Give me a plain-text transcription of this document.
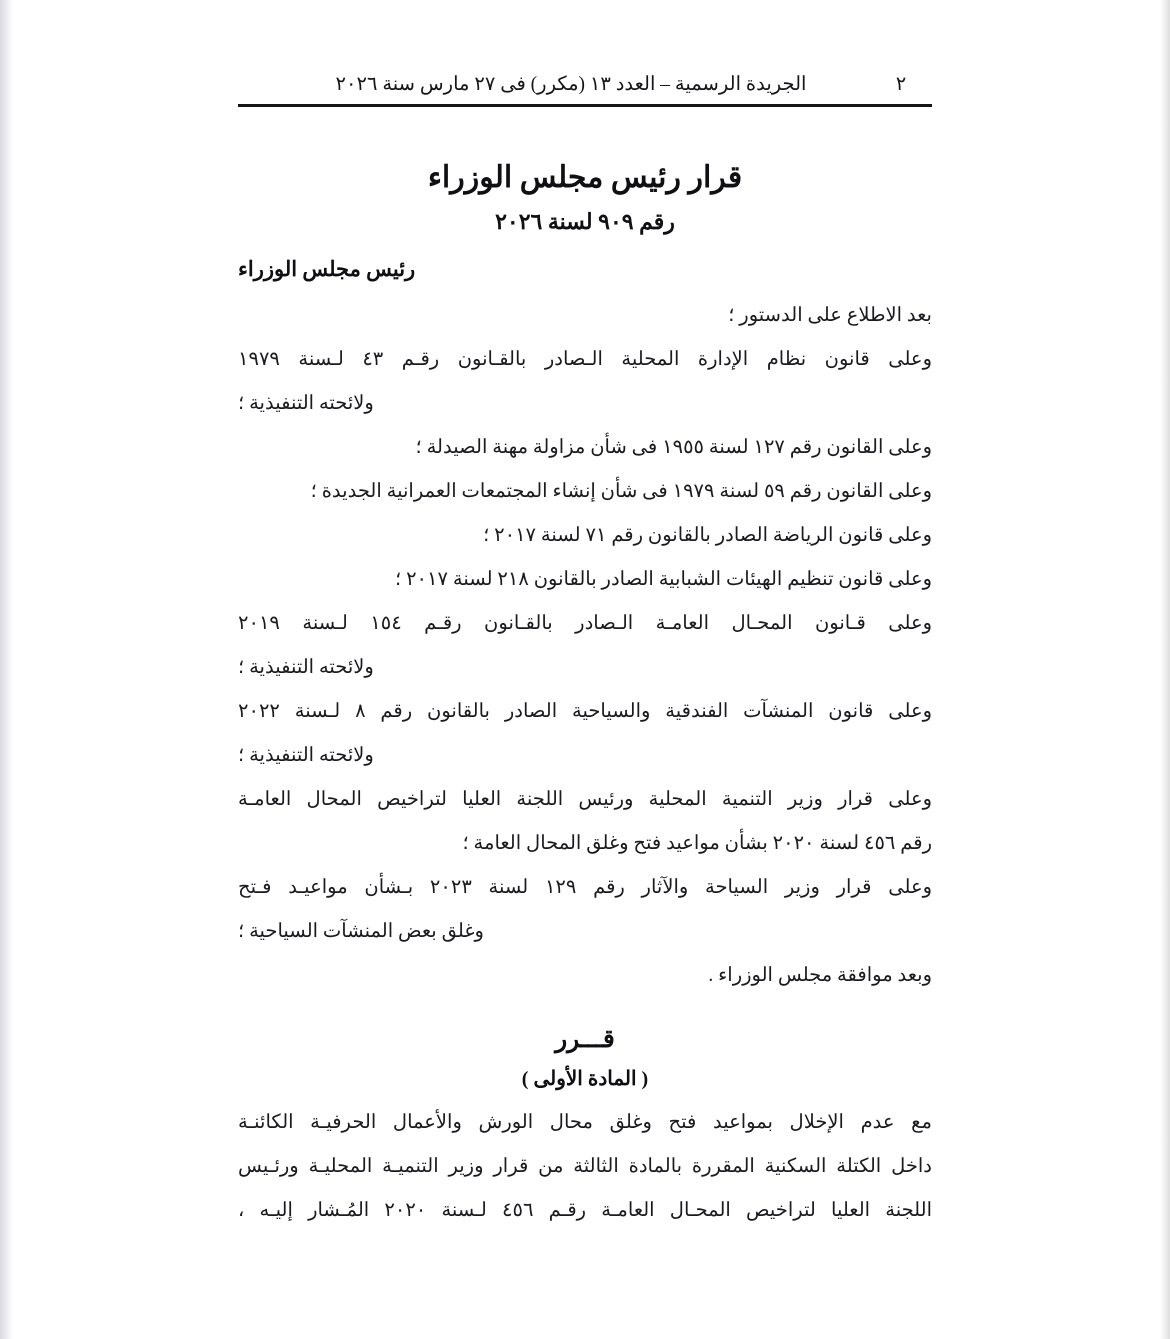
٢
الجريدة الرسمية – العدد ١٣ (مكرر) فى ٢٧ مارس سنة ٢٠٢٦
قرار رئيس مجلس الوزراء
رقم ٩٠٩ لسنة ٢٠٢٦
رئيس مجلس الوزراء
بعد الاطلاع على الدستور ؛
وعلى قانون نظام الإدارة المحلية الـصادر بالقـانون رقـم ٤٣ لـسنة ١٩٧٩
ولائحته التنفيذية ؛
وعلى القانون رقم ١٢٧ لسنة ١٩٥٥ فى شأن مزاولة مهنة الصيدلة ؛
وعلى القانون رقم ٥٩ لسنة ١٩٧٩ فى شأن إنشاء المجتمعات العمرانية الجديدة ؛
وعلى قانون الرياضة الصادر بالقانون رقم ٧١ لسنة ٢٠١٧ ؛
وعلى قانون تنظيم الهيئات الشبابية الصادر بالقانون ٢١٨ لسنة ٢٠١٧ ؛
وعلى قـانون المحـال العامـة الـصادر بالقـانون رقـم ١٥٤ لـسنة ٢٠١٩
ولائحته التنفيذية ؛
وعلى قانون المنشآت الفندقية والسياحية الصادر بالقانون رقم ٨ لـسنة ٢٠٢٢
ولائحته التنفيذية ؛
وعلى قرار وزير التنمية المحلية ورئيس اللجنة العليا لتراخيص المحال العامـة
رقم ٤٥٦ لسنة ٢٠٢٠ بشأن مواعيد فتح وغلق المحال العامة ؛
وعلى قرار وزير السياحة والآثار رقم ١٢٩ لسنة ٢٠٢٣ بـشأن مواعيـد فـتح
وغلق بعض المنشآت السياحية ؛
وبعد موافقة مجلس الوزراء .
قـــرر
( المادة الأولى )
مع عدم الإخلال بمواعيد فتح وغلق محال الورش والأعمال الحرفيـة الكائنـة
داخل الكتلة السكنية المقررة بالمادة الثالثة من قرار وزير التنميـة المحليـة ورئـيس
اللجنة العليا لتراخيص المحـال العامـة رقـم ٤٥٦ لـسنة ٢٠٢٠ المُـشار إليـه ،
